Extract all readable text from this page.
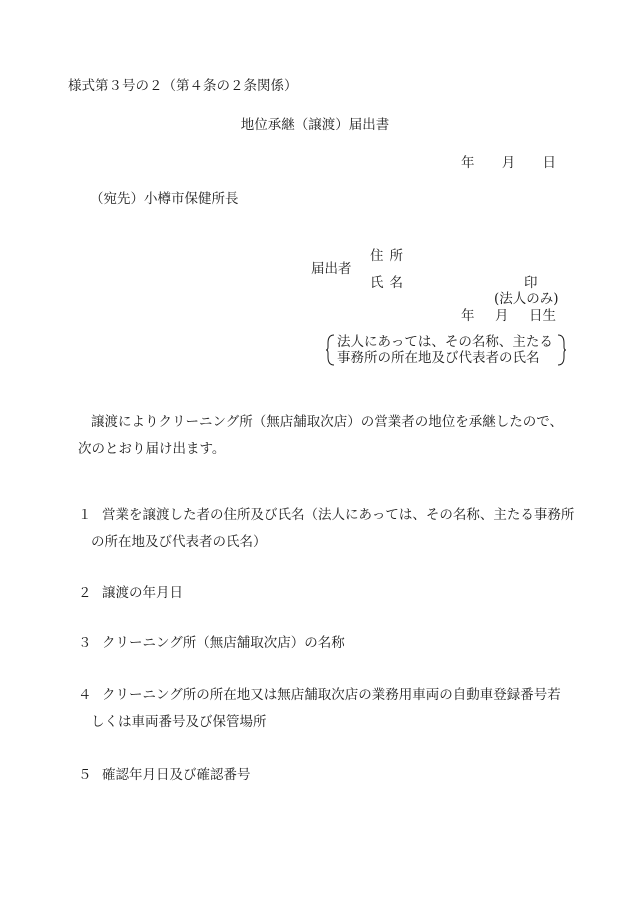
様式第３号の２（第４条の２条関係）
地位承継（譲渡）届出書
年 月 日
（宛先）小樽市保健所長
住所
届出者
氏名	印
(法人のみ)
年 月 日生
法人にあっては、その名称、主たる
事務所の所在地及び代表者の氏名
譲渡によりクリーニング所（無店舗取次店）の営業者の地位を承継したので、次のとおり届け出ます。
１ 営業を譲渡した者の住所及び氏名（法人にあっては、その名称、主たる事務所
の所在地及び代表者の氏名）
２ 譲渡の年月日
３ クリーニング所（無店舗取次店）の名称
４ クリーニング所の所在地又は無店舗取次店の業務用車両の自動車登録番号若
しくは車両番号及び保管場所
５ 確認年月日及び確認番号
